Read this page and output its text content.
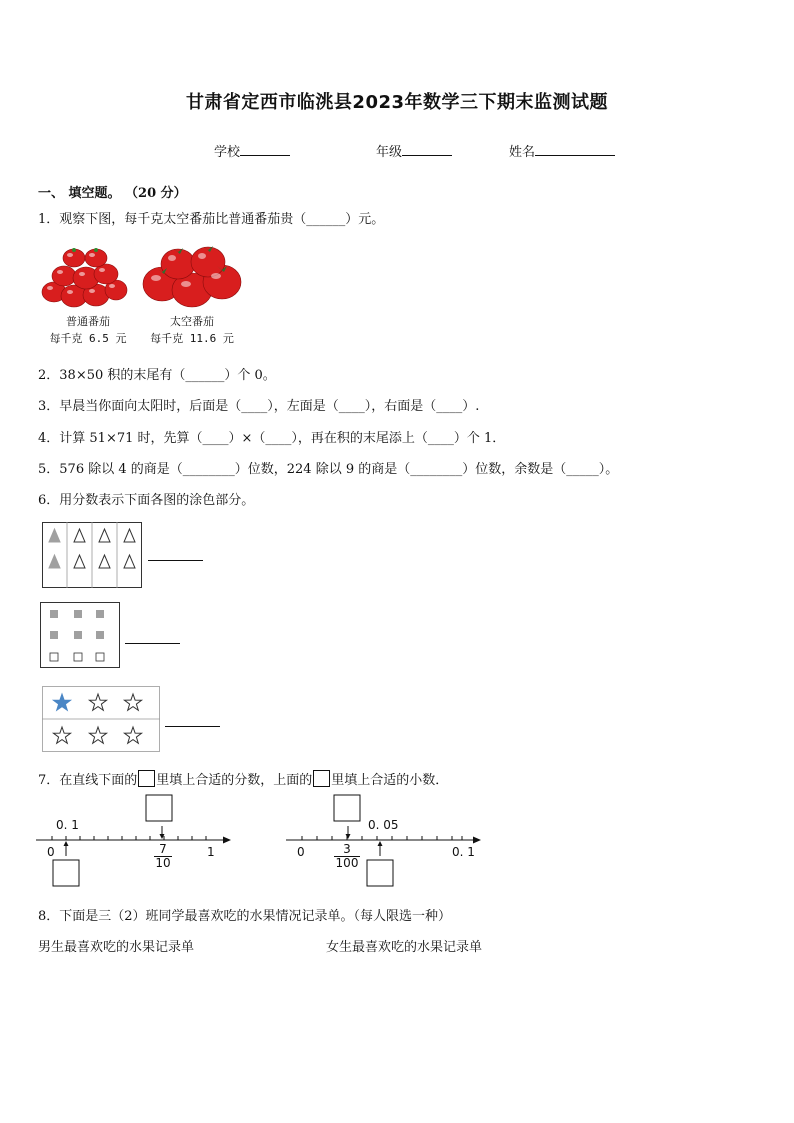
甘肃省定西市临洮县2023年数学三下期末监测试题
学校	年级	姓名
一、 填空题。 （20 分）
1．观察下图，每千克太空番茄比普通番茄贵（______）元。
普通番茄
每千克 6.5 元
太空番茄
每千克 11.6 元
2．38×50 积的末尾有（______）个 0。
3．早晨当你面向太阳时，后面是（____），左面是（____），右面是（____）.
4．计算 51×71 时，先算（____）×（____），再在积的末尾添上（____）个 1．
5．576 除以 4 的商是（________）位数，224 除以 9 的商是（________）位数，余数是（_____）。
6．用分数表示下面各图的涂色部分。
7．在直线下面的 里填上合适的分数，上面的 里填上合适的小数．
0. 1
0	1
$\frac{7}{10}$
0. 05
0	0. 1
$\frac{3}{100}$
8．下面是三（2）班同学最喜欢吃的水果情况记录单。（每人限选一种）
男生最喜欢吃的水果记录单	女生最喜欢吃的水果记录单
